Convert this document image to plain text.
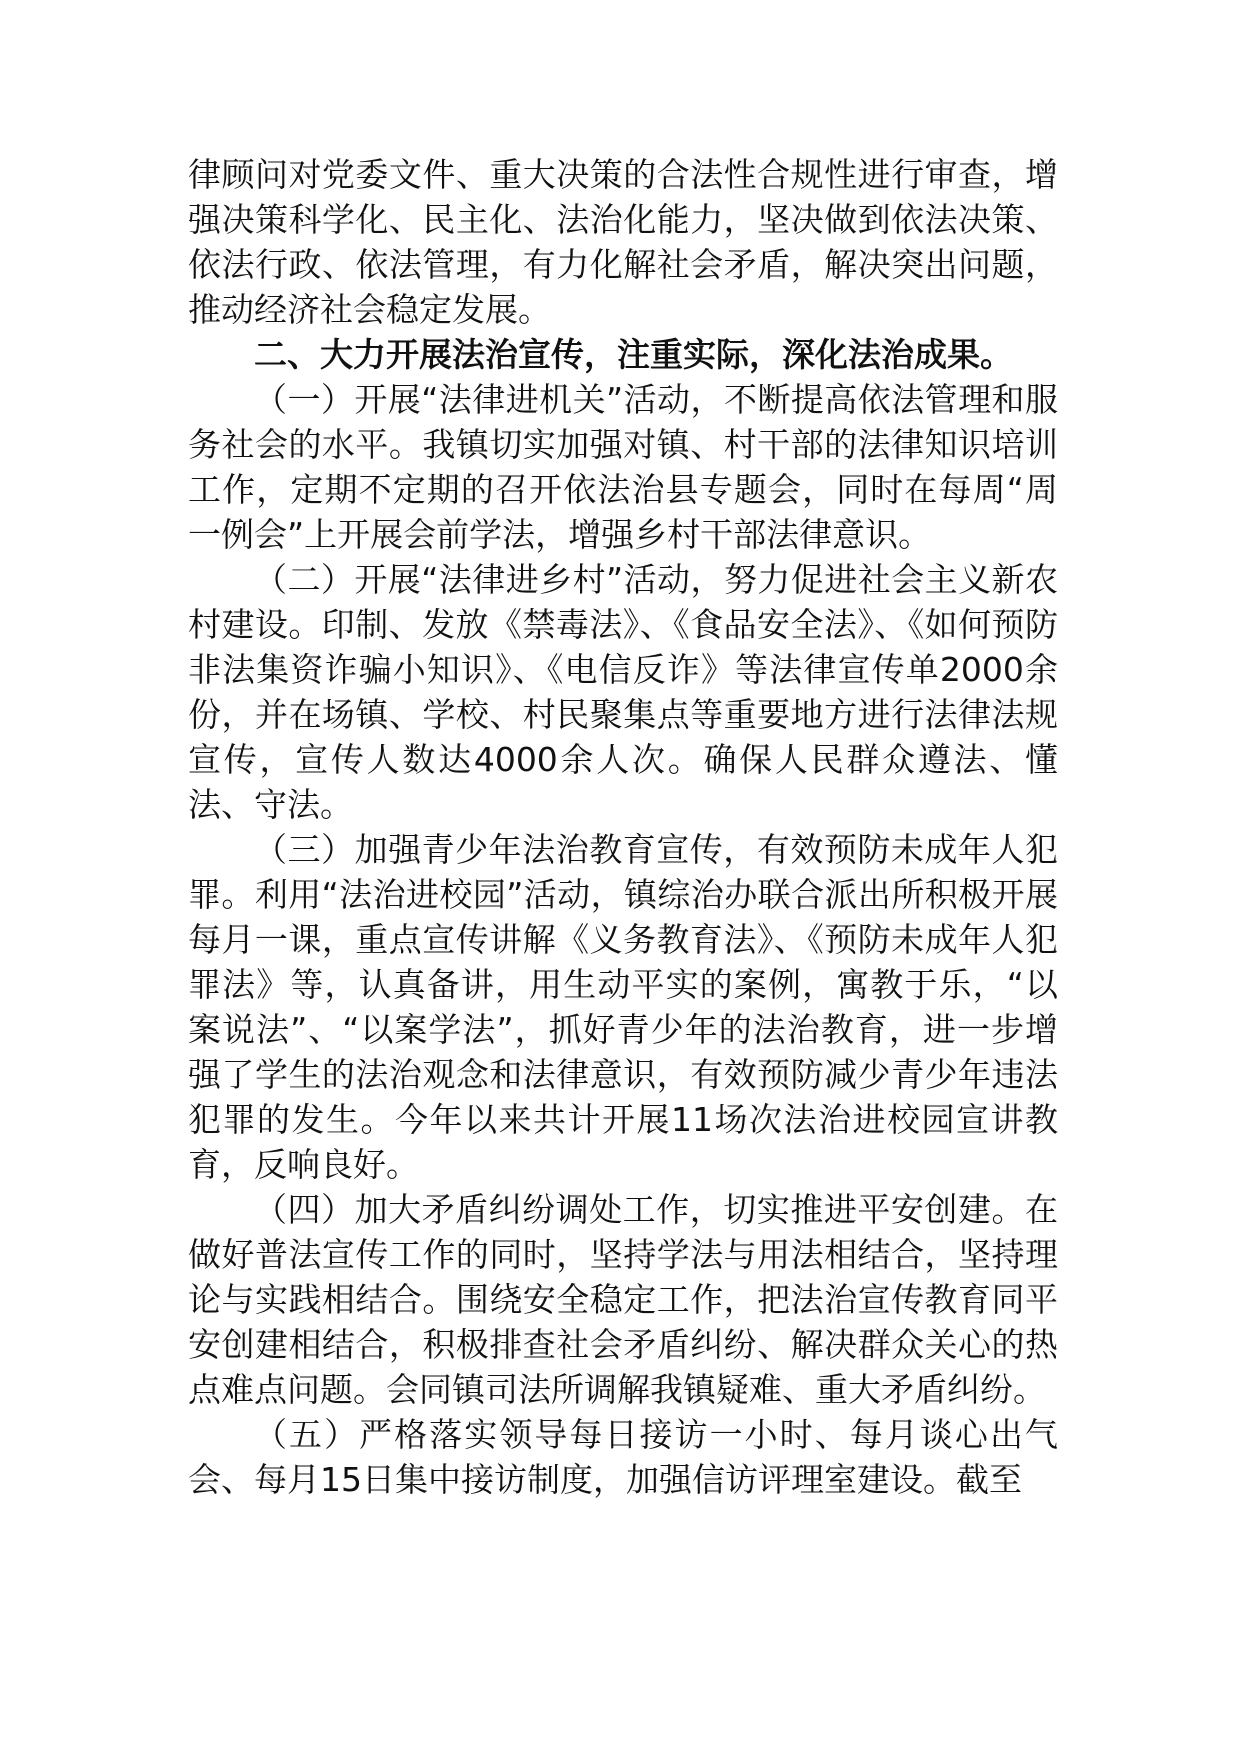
律顾问对党委文件、重大决策的合法性合规性进行审查，增强决策科学化、民主化、法治化能力，坚决做到依法决策、依法行政、依法管理，有力化解社会矛盾，解决突出问题，推动经济社会稳定发展。

二、大力开展法治宣传，注重实际，深化法治成果。

（一）开展“法律进机关”活动，不断提高依法管理和服务社会的水平。我镇切实加强对镇、村干部的法律知识培训工作，定期不定期的召开依法治县专题会，同时在每周“周一例会”上开展会前学法，增强乡村干部法律意识。

（二）开展“法律进乡村”活动，努力促进社会主义新农村建设。印制、发放《禁毒法》、《食品安全法》、《如何预防非法集资诈骗小知识》、《电信反诈》等法律宣传单2000余份，并在场镇、学校、村民聚集点等重要地方进行法律法规宣传，宣传人数达4000余人次。确保人民群众遵法、懂法、守法。

（三）加强青少年法治教育宣传，有效预防未成年人犯罪。利用“法治进校园”活动，镇综治办联合派出所积极开展每月一课，重点宣传讲解《义务教育法》、《预防未成年人犯罪法》等，认真备讲，用生动平实的案例，寓教于乐，“以案说法”、“以案学法”，抓好青少年的法治教育，进一步增强了学生的法治观念和法律意识，有效预防减少青少年违法犯罪的发生。今年以来共计开展11场次法治进校园宣讲教育，反响良好。

（四）加大矛盾纠纷调处工作，切实推进平安创建。在做好普法宣传工作的同时，坚持学法与用法相结合，坚持理论与实践相结合。围绕安全稳定工作，把法治宣传教育同平安创建相结合，积极排查社会矛盾纠纷、解决群众关心的热点难点问题。会同镇司法所调解我镇疑难、重大矛盾纠纷。

（五）严格落实领导每日接访一小时、每月谈心出气会、每月15日集中接访制度，加强信访评理室建设。截至
